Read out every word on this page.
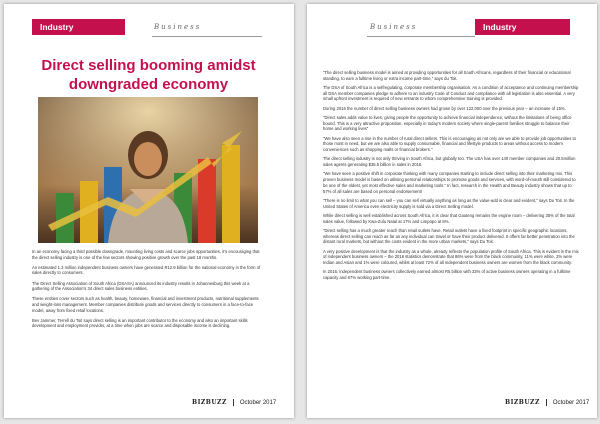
Industry Perfomance
Business
Direct selling booming amidst downgraded economy

In an economy facing a third possible downgrade, mounting living costs and scarce jobs opportunities, it's encouraging that the direct selling industry is one of the few sectors showing positive growth over the past 18 months.

An estimated 1.3 million independent business owners have generated R12.9 billion for the national economy in the form of sales directly to consumers.

The Direct Selling Association of South Africa (DSASA) announced its industry results in Johannesburg this week at a gathering of the Association's 34 direct sales business entities.

These entities cover sectors such as health, beauty, homeware, financial and investment products, nutritional supplements and weight-loss management. Member companies distribute goods and services directly to consumers in a face-to-face model, away from fixed retail locations.

Bev Jammer, Terrell du Toit says direct selling is an important contributor to the economy and also an important skills development and employment provider, at a time when jobs are scarce and disposable income is declining.

BIZBUZZ October 2017
Business	Industry Perfomance

"The direct selling business model is aimed at providing opportunities for all South Africans, regardless of their financial or educational standing, to earn a fulltime living or extra income part-time," says du Toit.

The DSA of South Africa is a selfregulating, corporate membership organisation. As a condition of acceptance and continuing membership all DSA member companies pledge to adhere to an industry Code of Conduct and compliance with all legislation is also essential. A very small upfront investment is required of new entrants to whom comprehensive training is provided.

During 2016 the number of direct selling business owners had grown by over 122,000 over the previous year – an increase of 15%.

"Direct sales adds value to lives, giving people the opportunity to achieve financial independence, without the limitations of being office bound. This is a very attractive proposition, especially in today's modern society where single-parent families struggle to balance their home and working lives"

"We have also seen a rise in the number of rural direct sellers. This is encouraging as not only are we able to provide job opportunities to those most in need, but we are also able to supply consumable, financial and lifestyle products to areas without access to modern conveniences such as shopping malls or financial brokers."

The direct selling industry is not only thriving in South Africa, but globally too. The USA has over 140 member companies and 20.5million sales agents generating $35.5 billion in sales in 2016.

"We have seen a positive shift in corporate thinking with many companies starting to include direct selling into their marketing mix. This proven business model is based on utilising personal relationships to promote goods and services, with word-of-mouth still considered to be one of the oldest, yet most effective sales and marketing tools." In fact, research in the Health and Beauty industry shows that up to 57% of all sales are based on personal endorsement!

"There is no limit to what you can sell – you can sell virtually anything as long as the value-add is clear and evident," says Du Toit. In the United States of America even electricity supply is sold via a Direct Selling model.

While direct selling is well established across South Africa, it is clear that Gauteng remains the engine room – delivering 35% of the total sales value, followed by Kwa-Zulu Natal at 17% and Limpopo at 8%.

"Direct selling has a much greater reach than retail outlets have. Retail outlets have a fixed footprint in specific geographic locations, whereas direct selling can reach as far as any individual can travel or have their product delivered. It offers far better penetration into the distant rural markets, but without the costs evident in the more urban markets," says Du Toit.

A very positive development is that the industry as a whole, already reflects the population profile of South Africa. This is evident in the mix of independent business owners – the 2016 statistics demonstrate that 86% were from the black community, 11% were white, 2% were Indian and Asian and 1% were coloured, whilst at least 72% of all independent business owners are women from the black community.

In 2016, independent business owners collectively earned almost R5 billion with 33% of active business owners operating in a fulltime capacity and 67% working part-time.

BIZBUZZ October 2017
